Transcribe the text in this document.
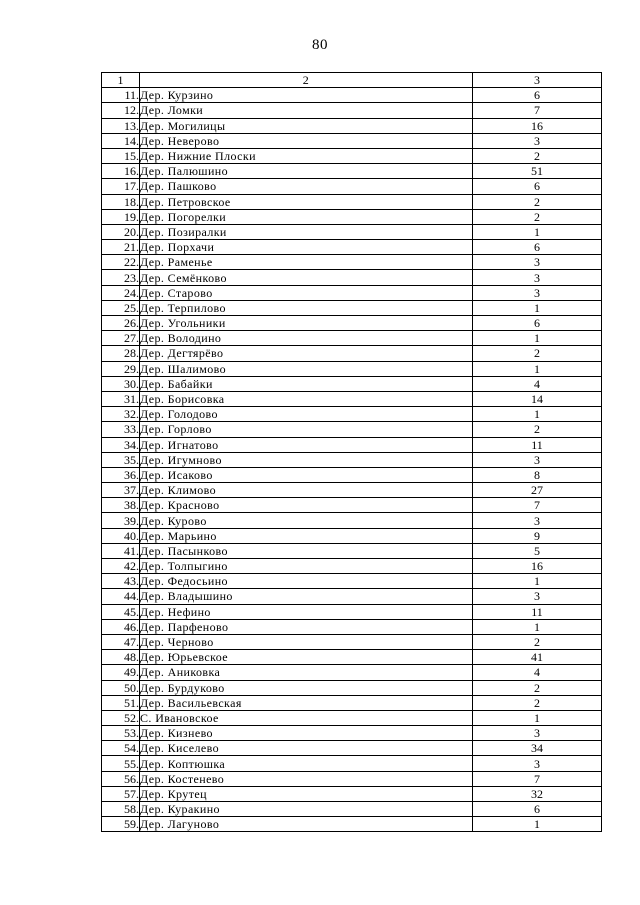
80
1	2	3
11.	Дер. Курзино	6
12.	Дер. Ломки	7
13.	Дер. Могилицы	16
14.	Дер. Неверово	3
15.	Дер. Нижние Плоски	2
16.	Дер. Палюшино	51
17.	Дер. Пашково	6
18.	Дер. Петровское	2
19.	Дер. Погорелки	2
20.	Дер. Позиралки	1
21.	Дер. Порхачи	6
22.	Дер. Раменье	3
23.	Дер. Семёнково	3
24.	Дер. Старово	3
25.	Дер. Терпилово	1
26.	Дер. Угольники	6
27.	Дер. Володино	1
28.	Дер. Дегтярёво	2
29.	Дер. Шалимово	1
30.	Дер. Бабайки	4
31.	Дер. Борисовка	14
32.	Дер. Голодово	1
33.	Дер. Горлово	2
34.	Дер. Игнатово	11
35.	Дер. Игумново	3
36.	Дер. Исаково	8
37.	Дер. Климово	27
38.	Дер. Красново	7
39.	Дер. Курово	3
40.	Дер. Марьино	9
41.	Дер. Пасынково	5
42.	Дер. Толпыгино	16
43.	Дер. Федосьино	1
44.	Дер. Владышино	3
45.	Дер. Нефино	11
46.	Дер. Парфеново	1
47.	Дер. Черново	2
48.	Дер. Юрьевское	41
49.	Дер. Аниковка	4
50.	Дер. Бурдуково	2
51.	Дер. Васильевская	2
52.	С. Ивановское	1
53.	Дер. Кизнево	3
54.	Дер. Киселево	34
55.	Дер. Коптюшка	3
56.	Дер. Костенево	7
57.	Дер. Крутец	32
58.	Дер. Куракино	6
59.	Дер. Лагуново	1
